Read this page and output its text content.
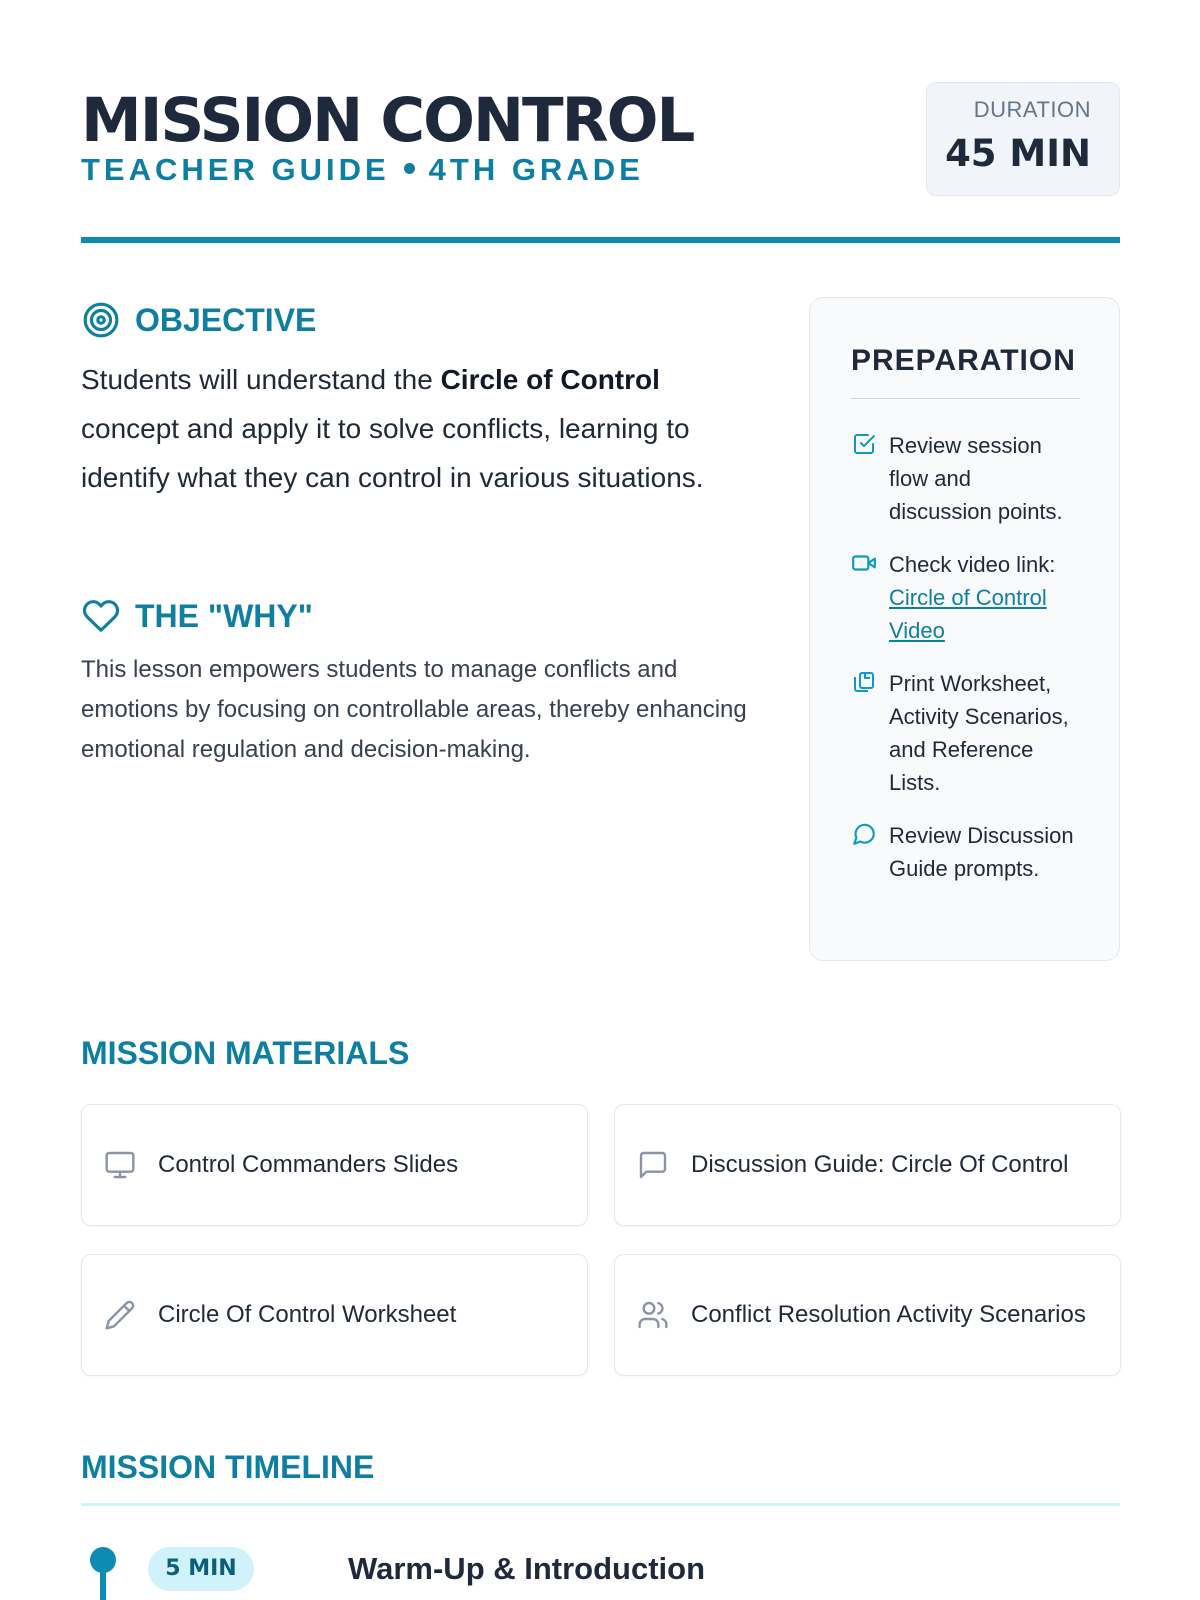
MISSION CONTROL
TEACHER GUIDE 4TH GRADE
DURATION
45 MIN
OBJECTIVE

Students will understand the Circle of Control concept and apply it to solve conflicts, learning to identify what they can control in various situations.

THE "WHY"

This lesson empowers students to manage conflicts and emotions by focusing on controllable areas, thereby enhancing emotional regulation and decision-making.

PREPARATION
Review session flow and discussion points.
Check video link: Circle of Control Video
Print Worksheet, Activity Scenarios, and Reference Lists.
Review Discussion Guide prompts.
MISSION MATERIALS
Control Commanders Slides	Discussion Guide: Circle Of Control
Circle Of Control Worksheet	Conflict Resolution Activity Scenarios
MISSION TIMELINE
5 MIN	Warm-Up & Introduction
